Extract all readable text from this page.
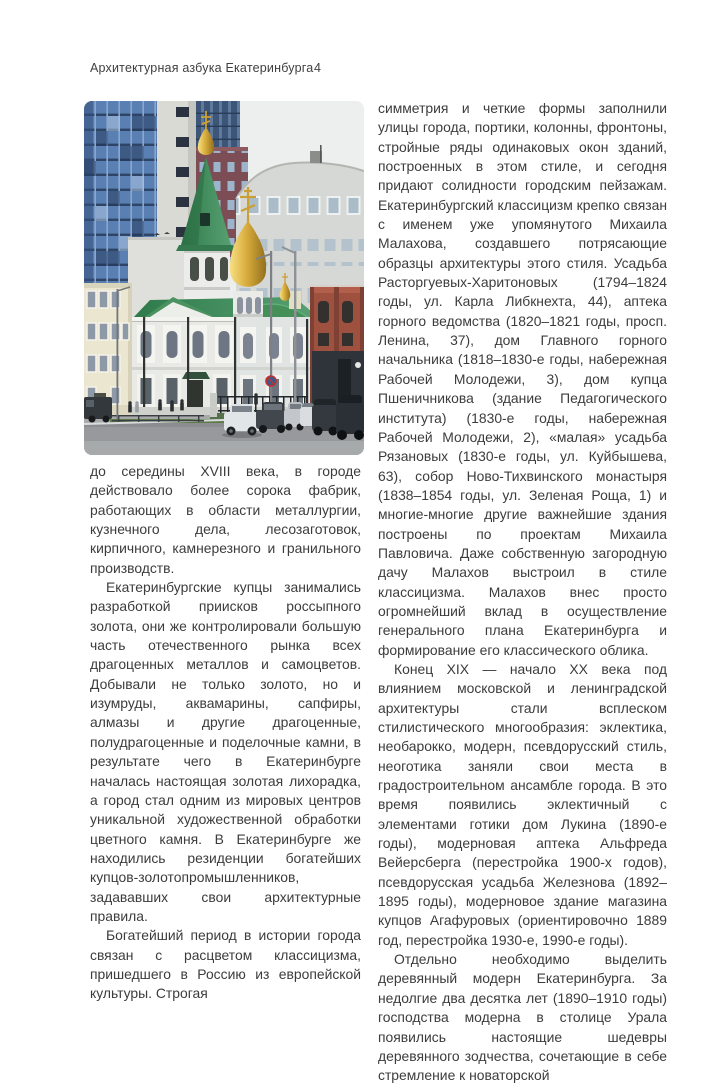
Архитектурная азбука Екатеринбурга 4

до середины XVIII века, в городе действовало более сорока фабрик, работающих в области металлургии, кузнечного дела, лесозаготовок, кирпичного, камнерезного и гранильного производств.

Екатеринбургские купцы занимались разработкой приисков россыпного золота, они же контролировали большую часть отечественного рынка всех драгоценных металлов и самоцветов. Добывали не только золото, но и изумруды, аквамарины, сапфиры, алмазы и другие драгоценные, полудрагоценные и поделочные камни, в результате чего в Екатеринбурге началась настоящая золотая лихорадка, а город стал одним из мировых центров уникальной художественной обработки цветного камня. В Екатеринбурге же находились резиденции богатейших купцов-золотопромышленников, задававших свои архитектурные правила.

Богатейший период в истории города связан с расцветом классицизма, пришедшего в Россию из европейской культуры. Строгая

симметрия и четкие формы заполнили улицы города, портики, колонны, фронтоны, стройные ряды одинаковых окон зданий, построенных в этом стиле, и сегодня придают солидности городским пейзажам. Екатеринбургский классицизм крепко связан с именем уже упомянутого Михаила Малахова, создавшего потрясающие образцы архитектуры этого стиля. Усадьба Расторгуевых-Харитоновых (1794–1824 годы, ул. Карла Либкнехта, 44), аптека горного ведомства (1820–1821 годы, просп. Ленина, 37), дом Главного горного начальника (1818–1830-е годы, набережная Рабочей Молодежи, 3), дом купца Пшеничникова (здание Педагогического института) (1830-е годы, набережная Рабочей Молодежи, 2), «малая» усадьба Рязановых (1830-е годы, ул. Куйбышева, 63), собор Ново-Тихвинского монастыря (1838–1854 годы, ул. Зеленая Роща, 1) и многие-многие другие важнейшие здания построены по проектам Михаила Павловича. Даже собственную загородную дачу Малахов выстроил в стиле классицизма. Малахов внес просто огромнейший вклад в осуществление генерального плана Екатеринбурга и формирование его классического облика.

Конец XIX — начало XX века под влиянием московской и ленинградской архитектуры стали всплеском стилистического многообразия: эклектика, необарокко, модерн, псевдорусский стиль, неоготика заняли свои места в градостроительном ансамбле города. В это время появились эклектичный с элементами готики дом Лукина (1890-е годы), модерновая аптека Альфреда Вейерсберга (перестройка 1900-х годов), псевдорусская усадьба Железнова (1892–1895 годы), модерновое здание магазина купцов Агафуровых (ориентировочно 1889 год, перестройка 1930-е, 1990-е годы).

Отдельно необходимо выделить деревянный модерн Екатеринбурга. За недолгие два десятка лет (1890–1910 годы) господства модерна в столице Урала появились настоящие шедевры деревянного зодчества, сочетающие в себе стремление к новаторской
